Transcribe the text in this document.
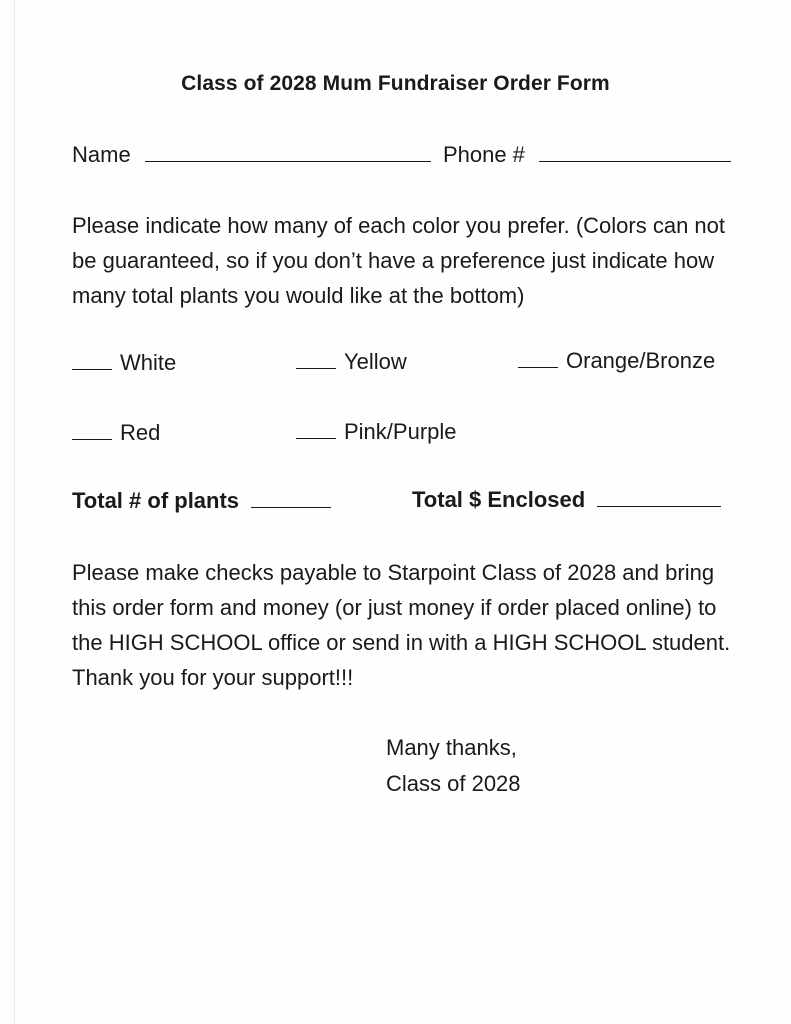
Class of 2028 Mum Fundraiser Order Form
Name	Phone #
Please indicate how many of each color you prefer. (Colors can not be guaranteed, so if you don’t have a preference just indicate how many total plants you would like at the bottom)
White	Yellow	Orange/Bronze
Red	Pink/Purple
Total # of plants	Total $ Enclosed
Please make checks payable to Starpoint Class of 2028 and bring this order form and money (or just money if order placed online) to the HIGH SCHOOL office or send in with a HIGH SCHOOL student. Thank you for your support!!!
Many thanks,
Class of 2028
